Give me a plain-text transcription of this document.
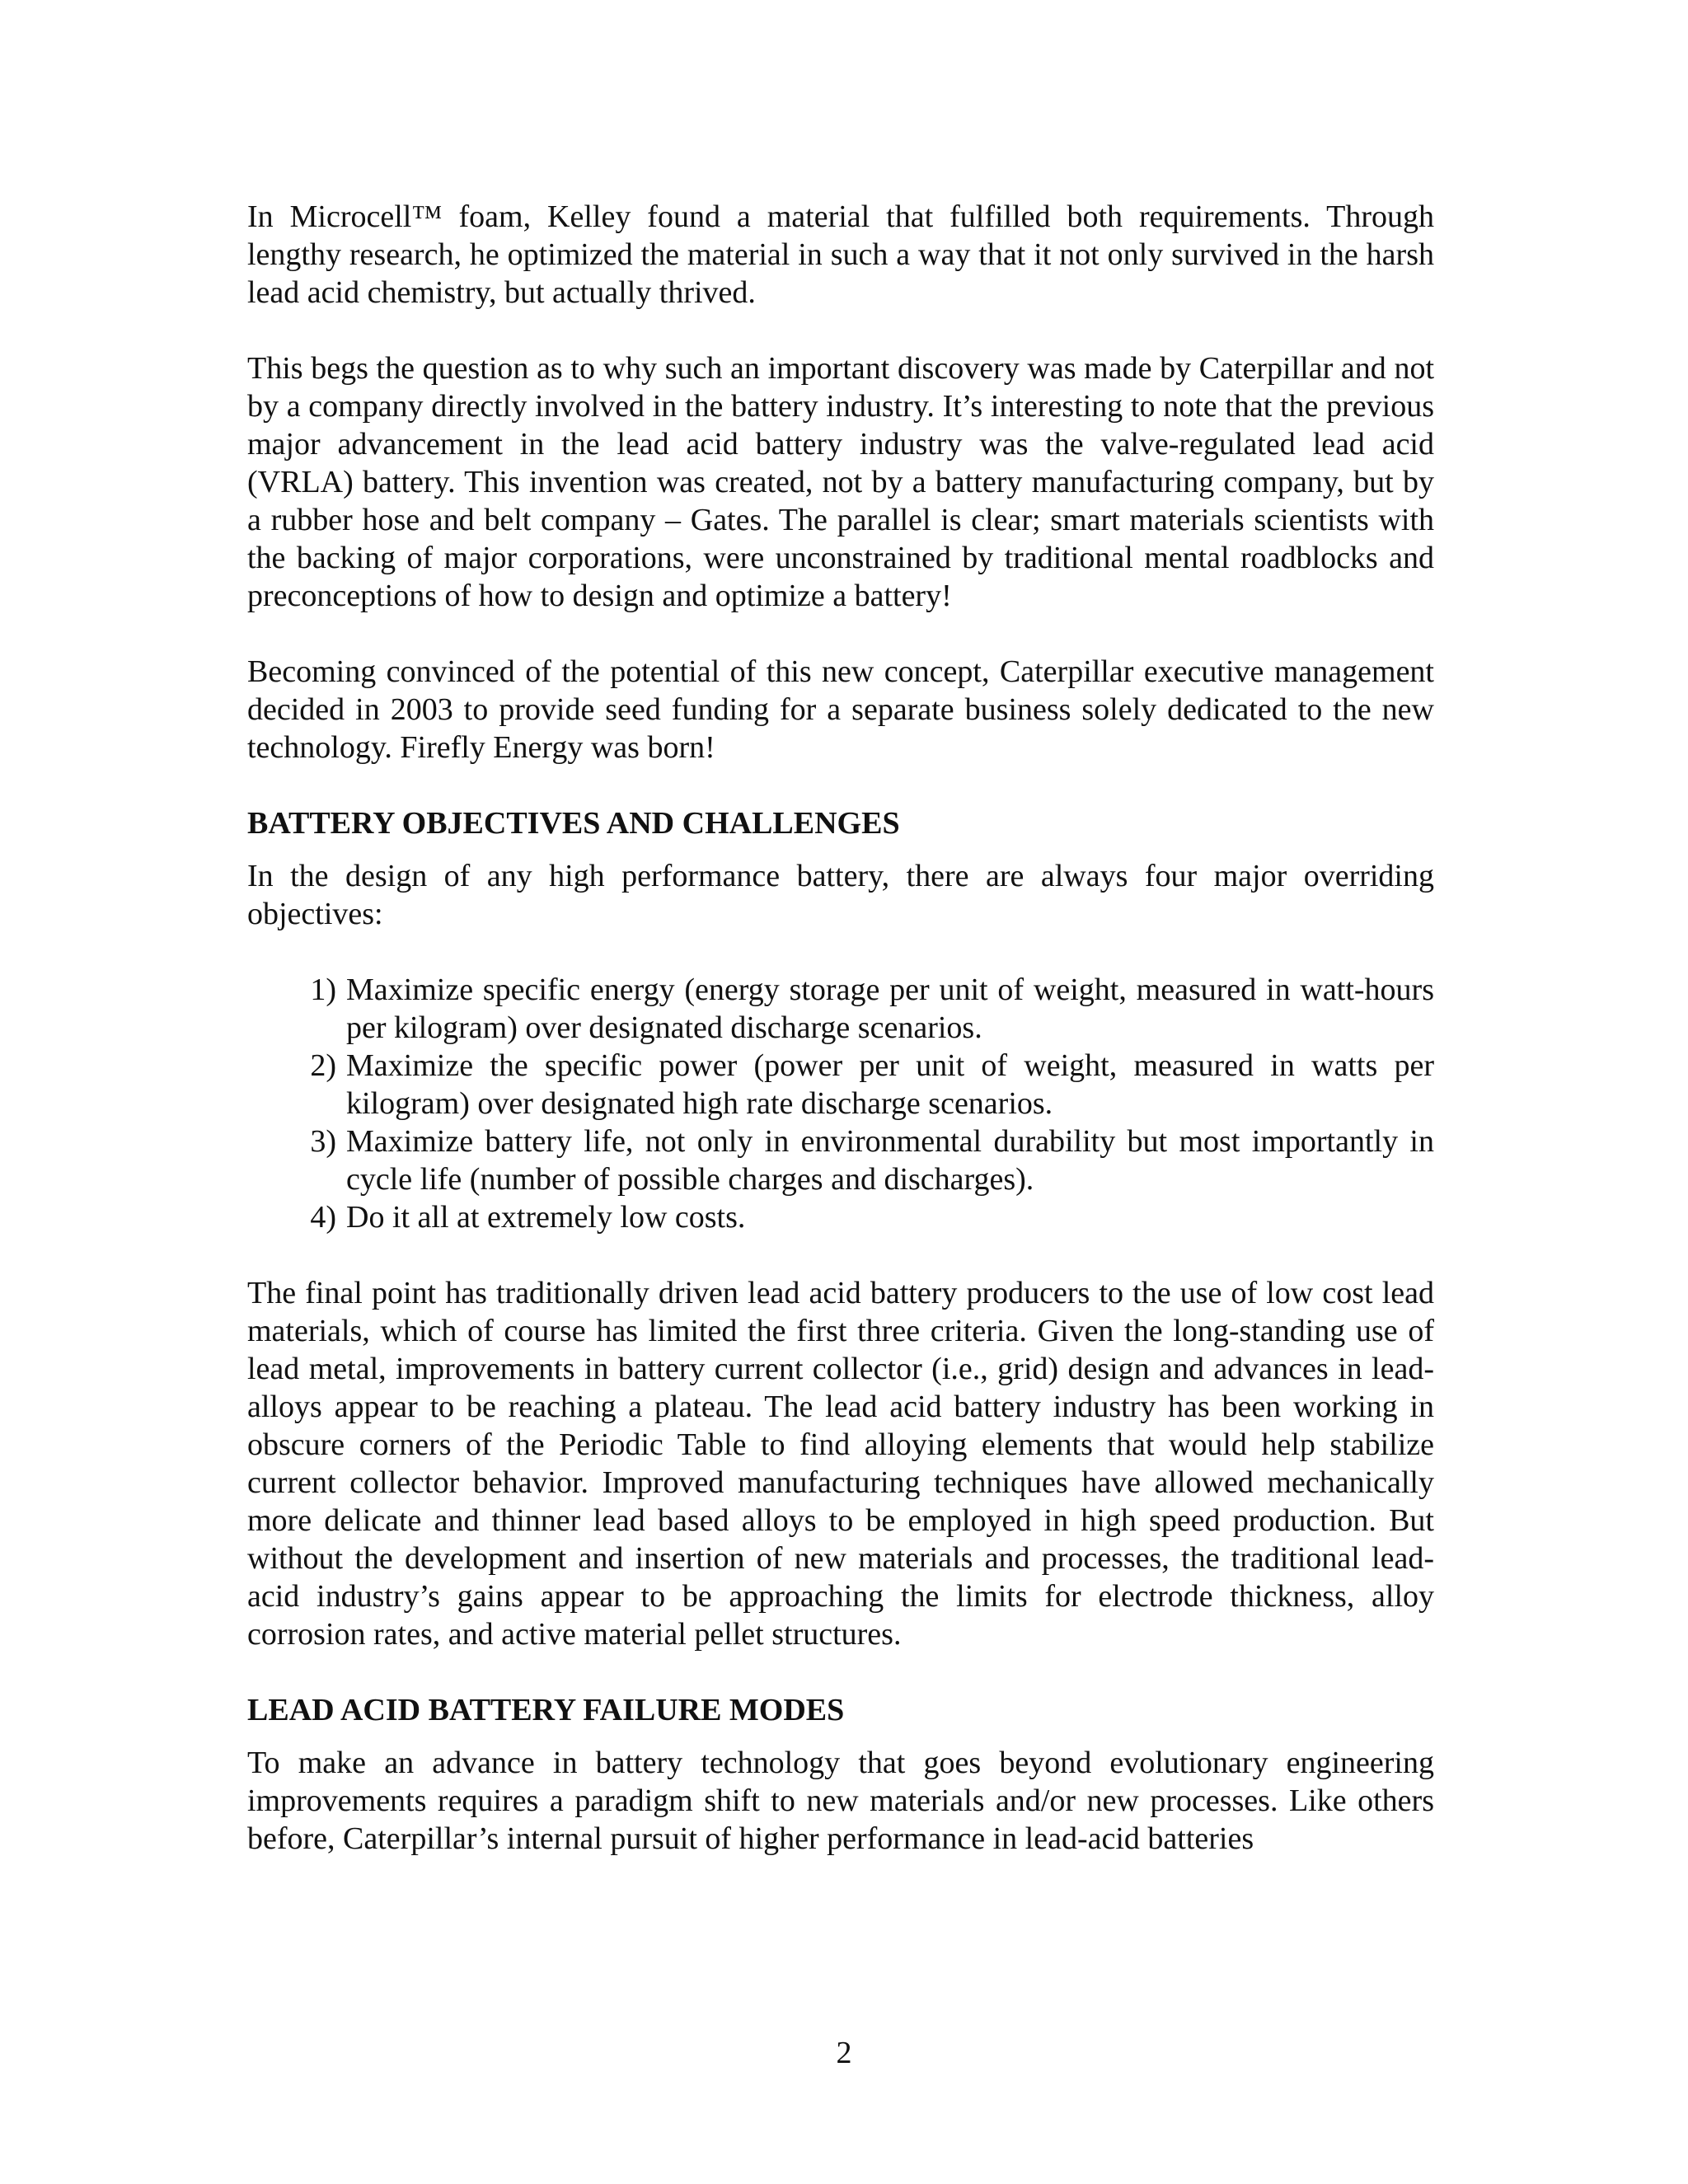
In Microcell™ foam, Kelley found a material that fulfilled both requirements. Through lengthy research, he optimized the material in such a way that it not only survived in the harsh lead acid chemistry, but actually thrived.

This begs the question as to why such an important discovery was made by Caterpillar and not by a company directly involved in the battery industry. It’s interesting to note that the previous major advancement in the lead acid battery industry was the valve-regulated lead acid (VRLA) battery. This invention was created, not by a battery manufacturing company, but by a rubber hose and belt company – Gates. The parallel is clear; smart materials scientists with the backing of major corporations, were unconstrained by traditional mental roadblocks and preconceptions of how to design and optimize a battery!

Becoming convinced of the potential of this new concept, Caterpillar executive management decided in 2003 to provide seed funding for a separate business solely dedicated to the new technology. Firefly Energy was born!

BATTERY OBJECTIVES AND CHALLENGES

In the design of any high performance battery, there are always four major overriding objectives:

1) Maximize specific energy (energy storage per unit of weight, measured in watt-hours per kilogram) over designated discharge scenarios.
2) Maximize the specific power (power per unit of weight, measured in watts per kilogram) over designated high rate discharge scenarios.
3) Maximize battery life, not only in environmental durability but most importantly in cycle life (number of possible charges and discharges).
4) Do it all at extremely low costs.

The final point has traditionally driven lead acid battery producers to the use of low cost lead materials, which of course has limited the first three criteria. Given the long-standing use of lead metal, improvements in battery current collector (i.e., grid) design and advances in lead-alloys appear to be reaching a plateau. The lead acid battery industry has been working in obscure corners of the Periodic Table to find alloying elements that would help stabilize current collector behavior. Improved manufacturing techniques have allowed mechanically more delicate and thinner lead based alloys to be employed in high speed production. But without the development and insertion of new materials and processes, the traditional lead-acid industry’s gains appear to be approaching the limits for electrode thickness, alloy corrosion rates, and active material pellet structures.

LEAD ACID BATTERY FAILURE MODES

To make an advance in battery technology that goes beyond evolutionary engineering improvements requires a paradigm shift to new materials and/or new processes. Like others before, Caterpillar’s internal pursuit of higher performance in lead-acid batteries

2
